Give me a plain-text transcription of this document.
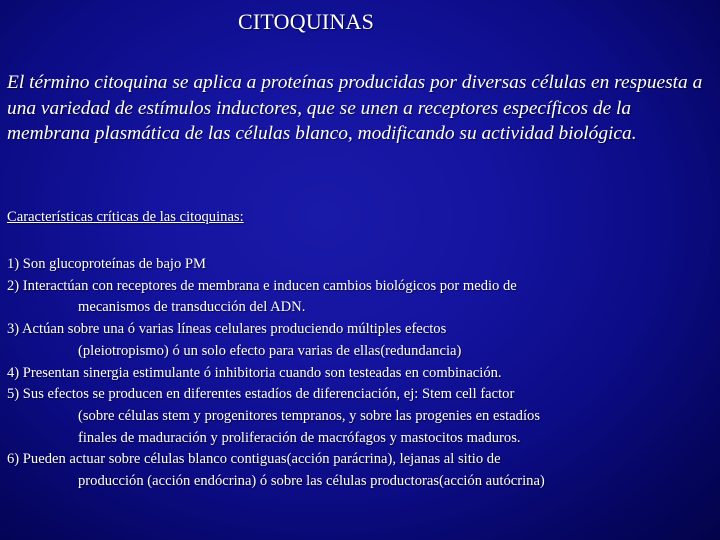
CITOQUINAS
El término citoquina se aplica a proteínas producidas por diversas células en respuesta a una variedad de estímulos inductores, que se unen a receptores específicos de la membrana plasmática de las células blanco, modificando su actividad biológica.
Características críticas de las citoquinas:
1) Son glucoproteínas de bajo PM
2) Interactúan con receptores de membrana e inducen cambios biológicos por medio de
mecanismos de transducción del ADN.
3) Actúan sobre una ó varias líneas celulares produciendo múltiples efectos
(pleiotropismo) ó un solo efecto para varias de ellas(redundancia)
4) Presentan sinergia estimulante ó inhibitoria cuando son testeadas en combinación.
5) Sus efectos se producen en diferentes estadíos de diferenciación, ej: Stem cell factor
(sobre células stem y progenitores tempranos, y sobre las progenies en estadíos
finales de maduración y proliferación de macrófagos y mastocitos maduros.
6) Pueden actuar sobre células blanco contiguas(acción parácrina), lejanas al sitio de
producción (acción endócrina) ó sobre las células productoras(acción autócrina)
